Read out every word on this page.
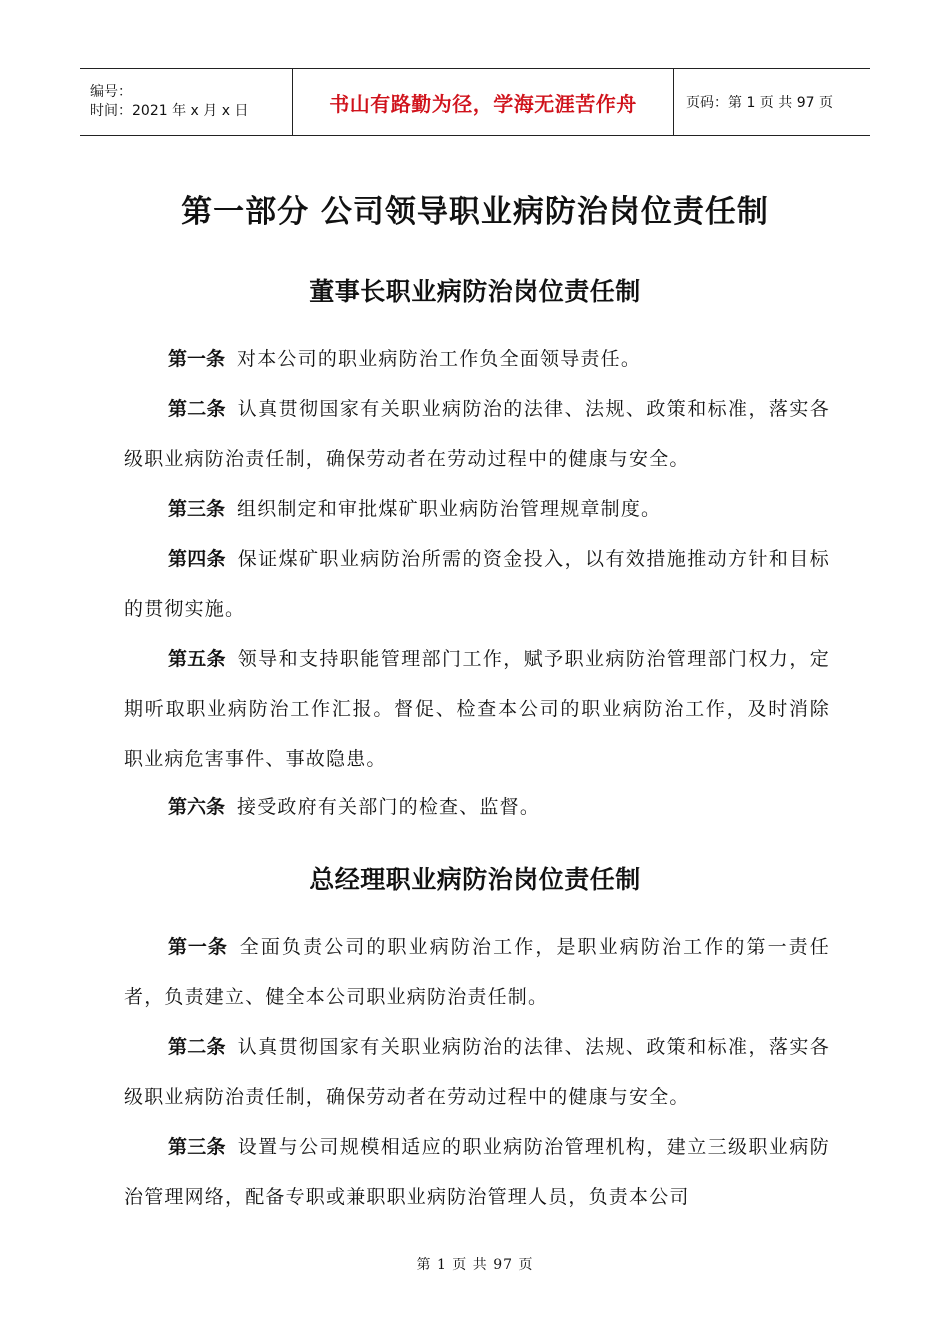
编号：
时间：2021 年 x 月 x 日	书山有路勤为径，学海无涯苦作舟	页码：第 1 页 共 97 页
第一部分 公司领导职业病防治岗位责任制
董事长职业病防治岗位责任制

第一条 对本公司的职业病防治工作负全面领导责任。

第二条 认真贯彻国家有关职业病防治的法律、法规、政策和标准，落实各级职业病防治责任制，确保劳动者在劳动过程中的健康与安全。

第三条 组织制定和审批煤矿职业病防治管理规章制度。

第四条 保证煤矿职业病防治所需的资金投入，以有效措施推动方针和目标的贯彻实施。

第五条 领导和支持职能管理部门工作，赋予职业病防治管理部门权力，定期听取职业病防治工作汇报。督促、检查本公司的职业病防治工作，及时消除职业病危害事件、事故隐患。

第六条 接受政府有关部门的检查、监督。

总经理职业病防治岗位责任制

第一条 全面负责公司的职业病防治工作，是职业病防治工作的第一责任者，负责建立、健全本公司职业病防治责任制。

第二条 认真贯彻国家有关职业病防治的法律、法规、政策和标准，落实各级职业病防治责任制，确保劳动者在劳动过程中的健康与安全。

第三条 设置与公司规模相适应的职业病防治管理机构，建立三级职业病防治管理网络，配备专职或兼职职业病防治管理人员，负责本公司

第 1 页 共 97 页
